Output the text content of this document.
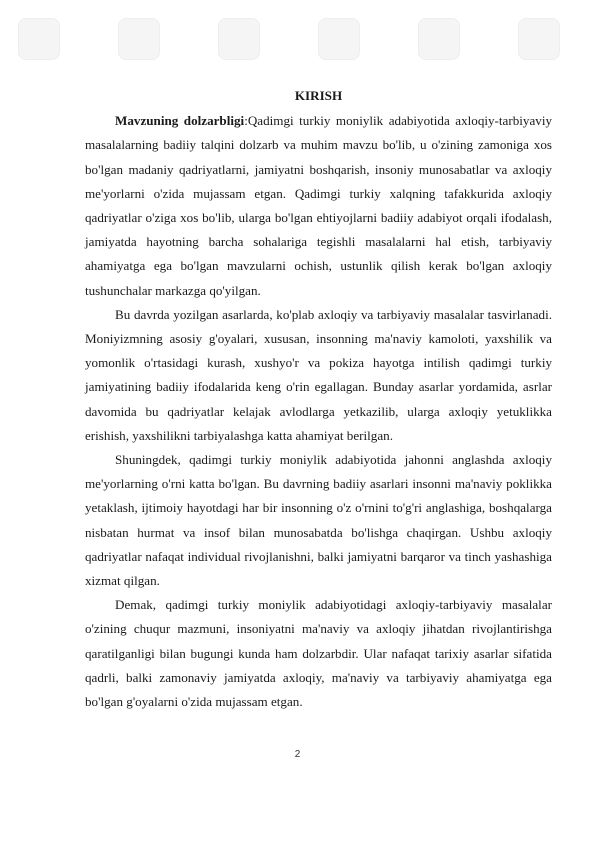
KIRISH

Mavzuning dolzarbligi:Qadimgi turkiy moniylik adabiyotida axloqiy-tarbiyaviy masalalarning badiiy talqini dolzarb va muhim mavzu bo'lib, u o'zining zamoniga xos bo'lgan madaniy qadriyatlarni, jamiyatni boshqarish, insoniy munosabatlar va axloqiy me'yorlarni o'zida mujassam etgan. Qadimgi turkiy xalqning tafakkurida axloqiy qadriyatlar o'ziga xos bo'lib, ularga bo'lgan ehtiyojlarni badiiy adabiyot orqali ifodalash, jamiyatda hayotning barcha sohalariga tegishli masalalarni hal etish, tarbiyaviy ahamiyatga ega bo'lgan mavzularni ochish, ustunlik qilish kerak bo'lgan axloqiy tushunchalar markazga qo'yilgan.

Bu davrda yozilgan asarlarda, ko'plab axloqiy va tarbiyaviy masalalar tasvirlanadi. Moniyizmning asosiy g'oyalari, xususan, insonning ma'naviy kamoloti, yaxshilik va yomonlik o'rtasidagi kurash, xushyo'r va pokiza hayotga intilish qadimgi turkiy jamiyatining badiiy ifodalarida keng o'rin egallagan. Bunday asarlar yordamida, asrlar davomida bu qadriyatlar kelajak avlodlarga yetkazilib, ularga axloqiy yetuklikka erishish, yaxshilikni tarbiyalashga katta ahamiyat berilgan.

Shuningdek, qadimgi turkiy moniylik adabiyotida jahonni anglashda axloqiy me'yorlarning o'rni katta bo'lgan. Bu davrning badiiy asarlari insonni ma'naviy poklikka yetaklash, ijtimoiy hayotdagi har bir insonning o'z o'rnini to'g'ri anglashiga, boshqalarga nisbatan hurmat va insof bilan munosabatda bo'lishga chaqirgan. Ushbu axloqiy qadriyatlar nafaqat individual rivojlanishni, balki jamiyatni barqaror va tinch yashashiga xizmat qilgan.

Demak, qadimgi turkiy moniylik adabiyotidagi axloqiy-tarbiyaviy masalalar o'zining chuqur mazmuni, insoniyatni ma'naviy va axloqiy jihatdan rivojlantirishga qaratilganligi bilan bugungi kunda ham dolzarbdir. Ular nafaqat tarixiy asarlar sifatida qadrli, balki zamonaviy jamiyatda axloqiy, ma'naviy va tarbiyaviy ahamiyatga ega bo'lgan g'oyalarni o'zida mujassam etgan.

2
